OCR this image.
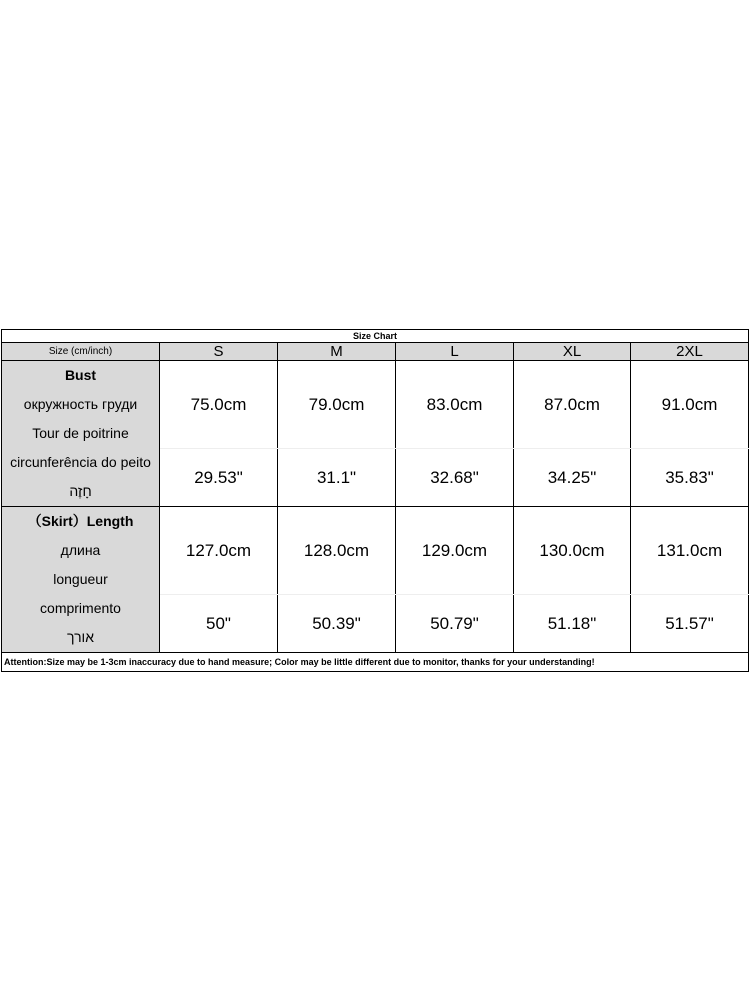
Size Chart					
Size (cm/inch)	S	M	L	XL	2XL

Bust
окружность груди
Tour de poitrine
circunferência do peito
חָזֶה	75.0cm	79.0cm	83.0cm	87.0cm	91.0cm
	29.53"	31.1"	32.68"	34.25"	35.83"

（Skirt）Length
длина
longueur
comprimento
אורך	127.0cm	128.0cm	129.0cm	130.0cm	131.0cm
	50"	50.39"	50.79"	51.18"	51.57"
Attention:Size may be 1-3cm inaccuracy due to hand measure; Color may be little different due to monitor, thanks for your understanding!					
